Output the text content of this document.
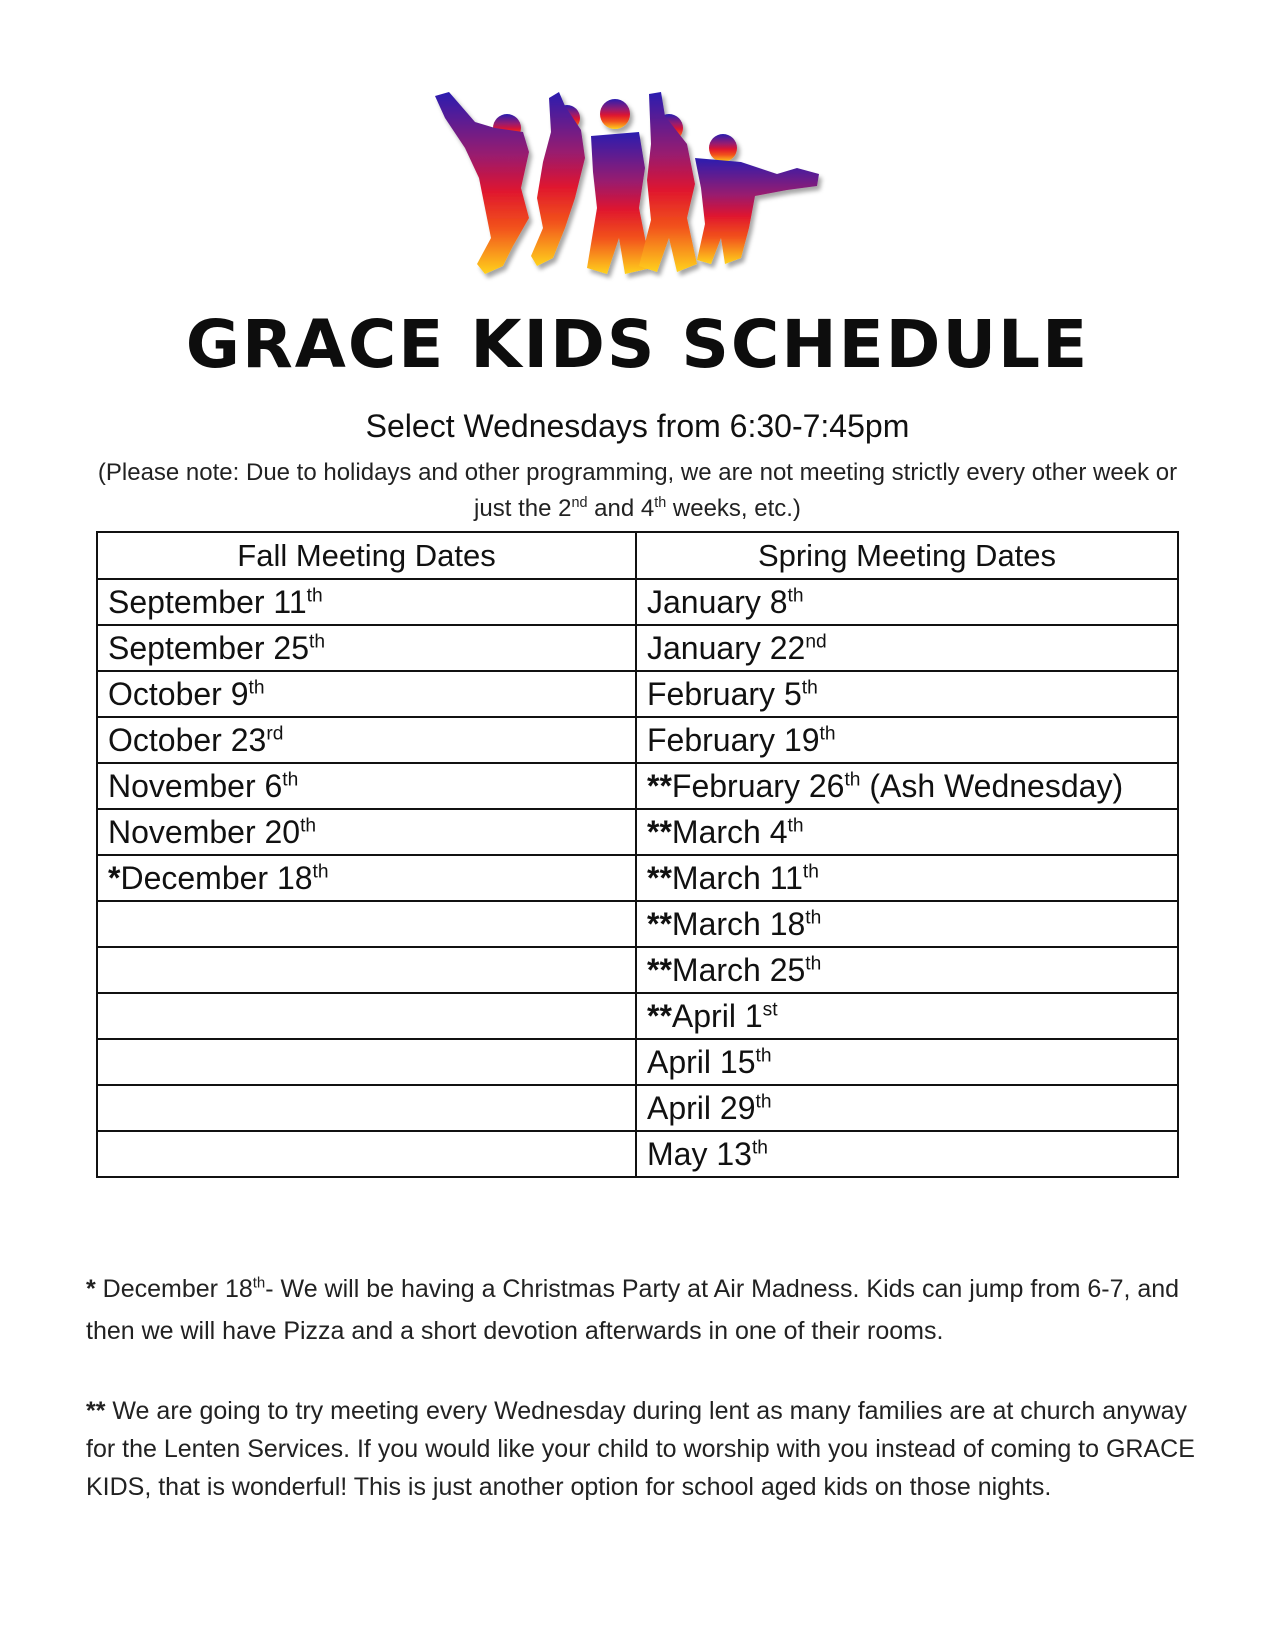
GRACE KIDS SCHEDULE
Select Wednesdays from 6:30-7:45pm
(Please note: Due to holidays and other programming, we are not meeting strictly every other week or just the 2nd and 4th weeks, etc.)
Fall Meeting Dates	Spring Meeting Dates
September 11th	January 8th
September 25th	January 22nd
October 9th	February 5th
October 23rd	February 19th
November 6th	**February 26th (Ash Wednesday)
November 20th	**March 4th
*December 18th	**March 11th
	**March 18th
	**March 25th
	**April 1st
	April 15th
	April 29th
	May 13th
* December 18th- We will be having a Christmas Party at Air Madness. Kids can jump from 6-7, and then we will have Pizza and a short devotion afterwards in one of their rooms.
** We are going to try meeting every Wednesday during lent as many families are at church anyway for the Lenten Services. If you would like your child to worship with you instead of coming to GRACE KIDS, that is wonderful! This is just another option for school aged kids on those nights.
